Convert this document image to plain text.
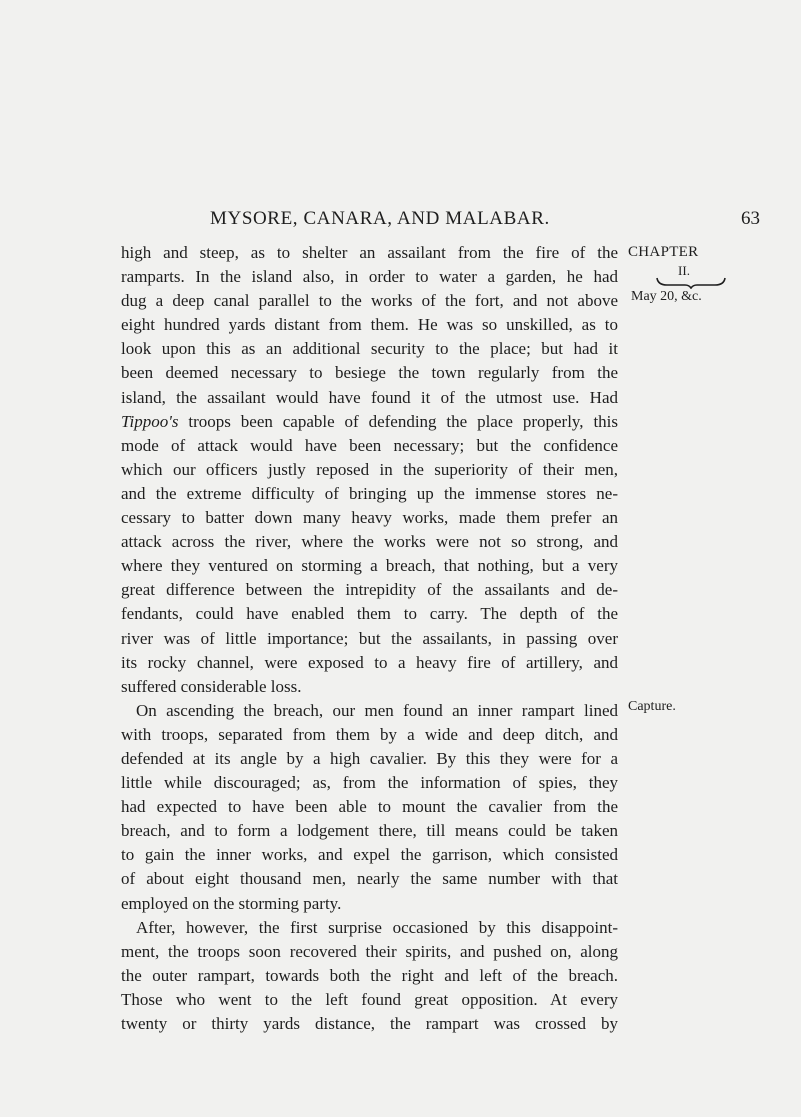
MYSORE, CANARA, AND MALABAR.	63
CHAPTER
II.
May 20, &c.
Capture.
high and steep, as to shelter an assailant from the fire of the
ramparts. In the island also, in order to water a garden, he had
dug a deep canal parallel to the works of the fort, and not above
eight hundred yards distant from them. He was so unskilled, as to
look upon this as an additional security to the place; but had it
been deemed necessary to besiege the town regularly from the
island, the assailant would have found it of the utmost use. Had
Tippoo's troops been capable of defending the place properly, this
mode of attack would have been necessary; but the confidence
which our officers justly reposed in the superiority of their men,
and the extreme difficulty of bringing up the immense stores ne-
cessary to batter down many heavy works, made them prefer an
attack across the river, where the works were not so strong, and
where they ventured on storming a breach, that nothing, but a very
great difference between the intrepidity of the assailants and de-
fendants, could have enabled them to carry. The depth of the
river was of little importance; but the assailants, in passing over
its rocky channel, were exposed to a heavy fire of artillery, and
suffered considerable loss.
On ascending the breach, our men found an inner rampart lined
with troops, separated from them by a wide and deep ditch, and
defended at its angle by a high cavalier. By this they were for a
little while discouraged; as, from the information of spies, they
had expected to have been able to mount the cavalier from the
breach, and to form a lodgement there, till means could be taken
to gain the inner works, and expel the garrison, which consisted
of about eight thousand men, nearly the same number with that
employed on the storming party.
After, however, the first surprise occasioned by this disappoint-
ment, the troops soon recovered their spirits, and pushed on, along
the outer rampart, towards both the right and left of the breach.
Those who went to the left found great opposition. At every
twenty or thirty yards distance, the rampart was crossed by
